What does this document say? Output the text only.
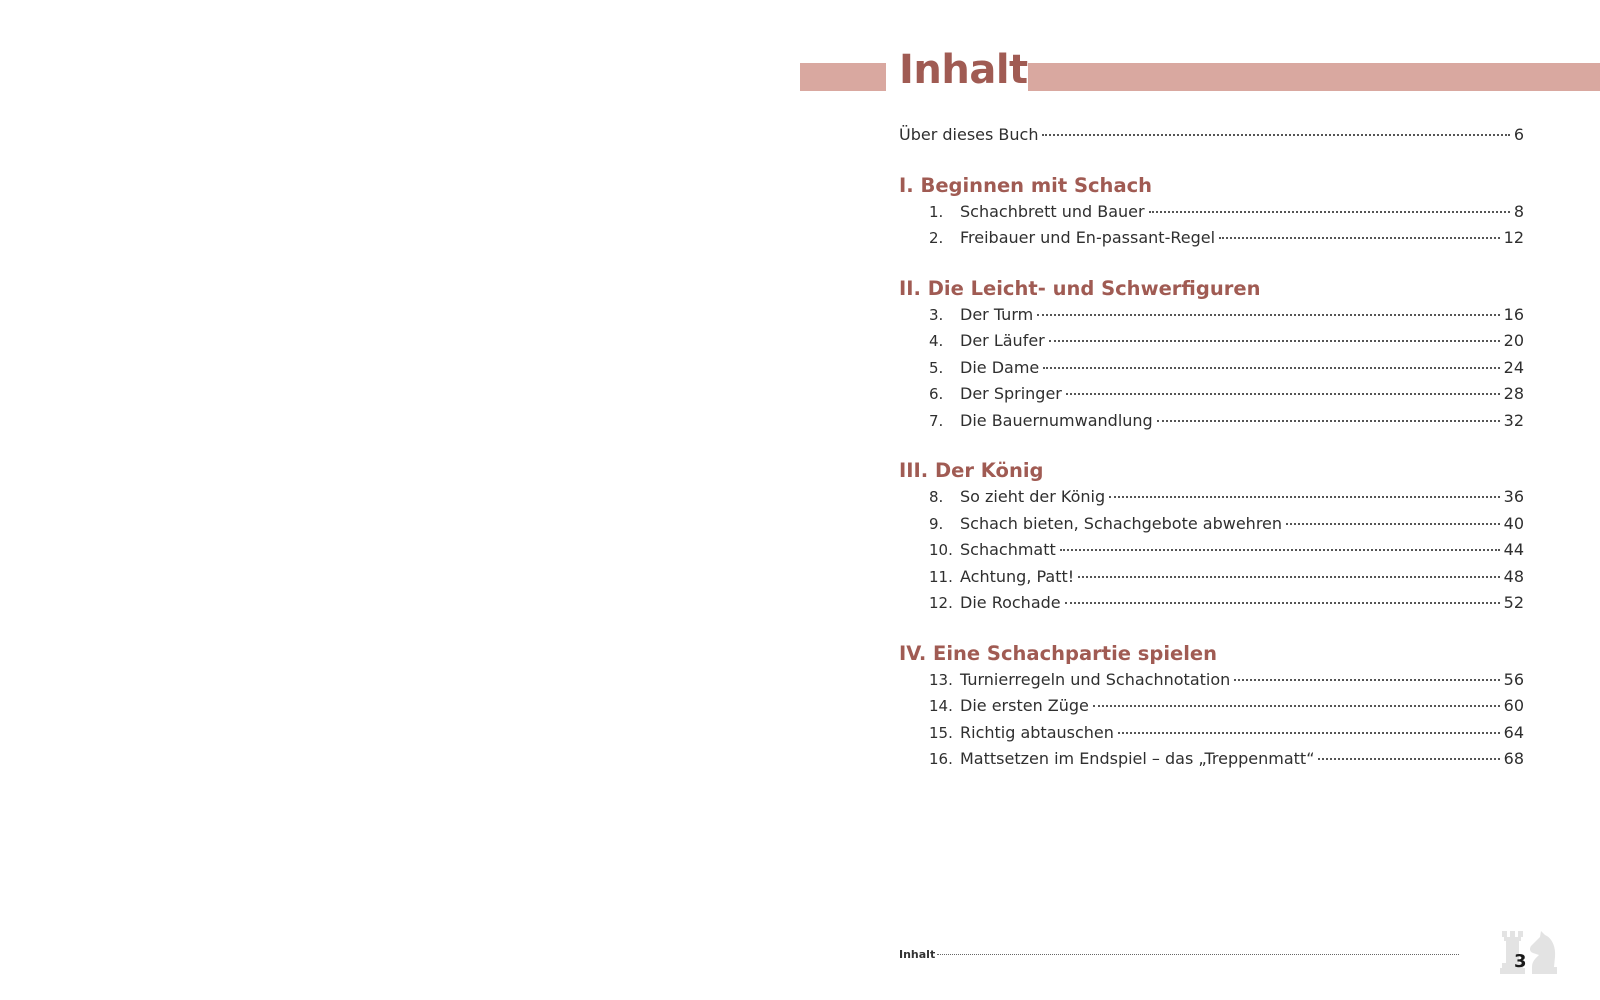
Inhalt
Über dieses Buch	6
I. Beginnen mit Schach
1.	Schachbrett und Bauer	8
2.	Freibauer und En-passant-Regel	12
II. Die Leicht- und Schwerfiguren
3.	Der Turm	16
4.	Der Läufer	20
5.	Die Dame	24
6.	Der Springer	28
7.	Die Bauernumwandlung	32
III. Der König
8.	So zieht der König	36
9.	Schach bieten, Schachgebote abwehren	40
10. Schachmatt	44
11. Achtung, Patt!	48
12. Die Rochade	52
IV. Eine Schachpartie spielen
13. Turnierregeln und Schachnotation	56
14. Die ersten Züge	60
15. Richtig abtauschen	64
16. Mattsetzen im Endspiel – das „Treppenmatt“	68
Inhalt	3
